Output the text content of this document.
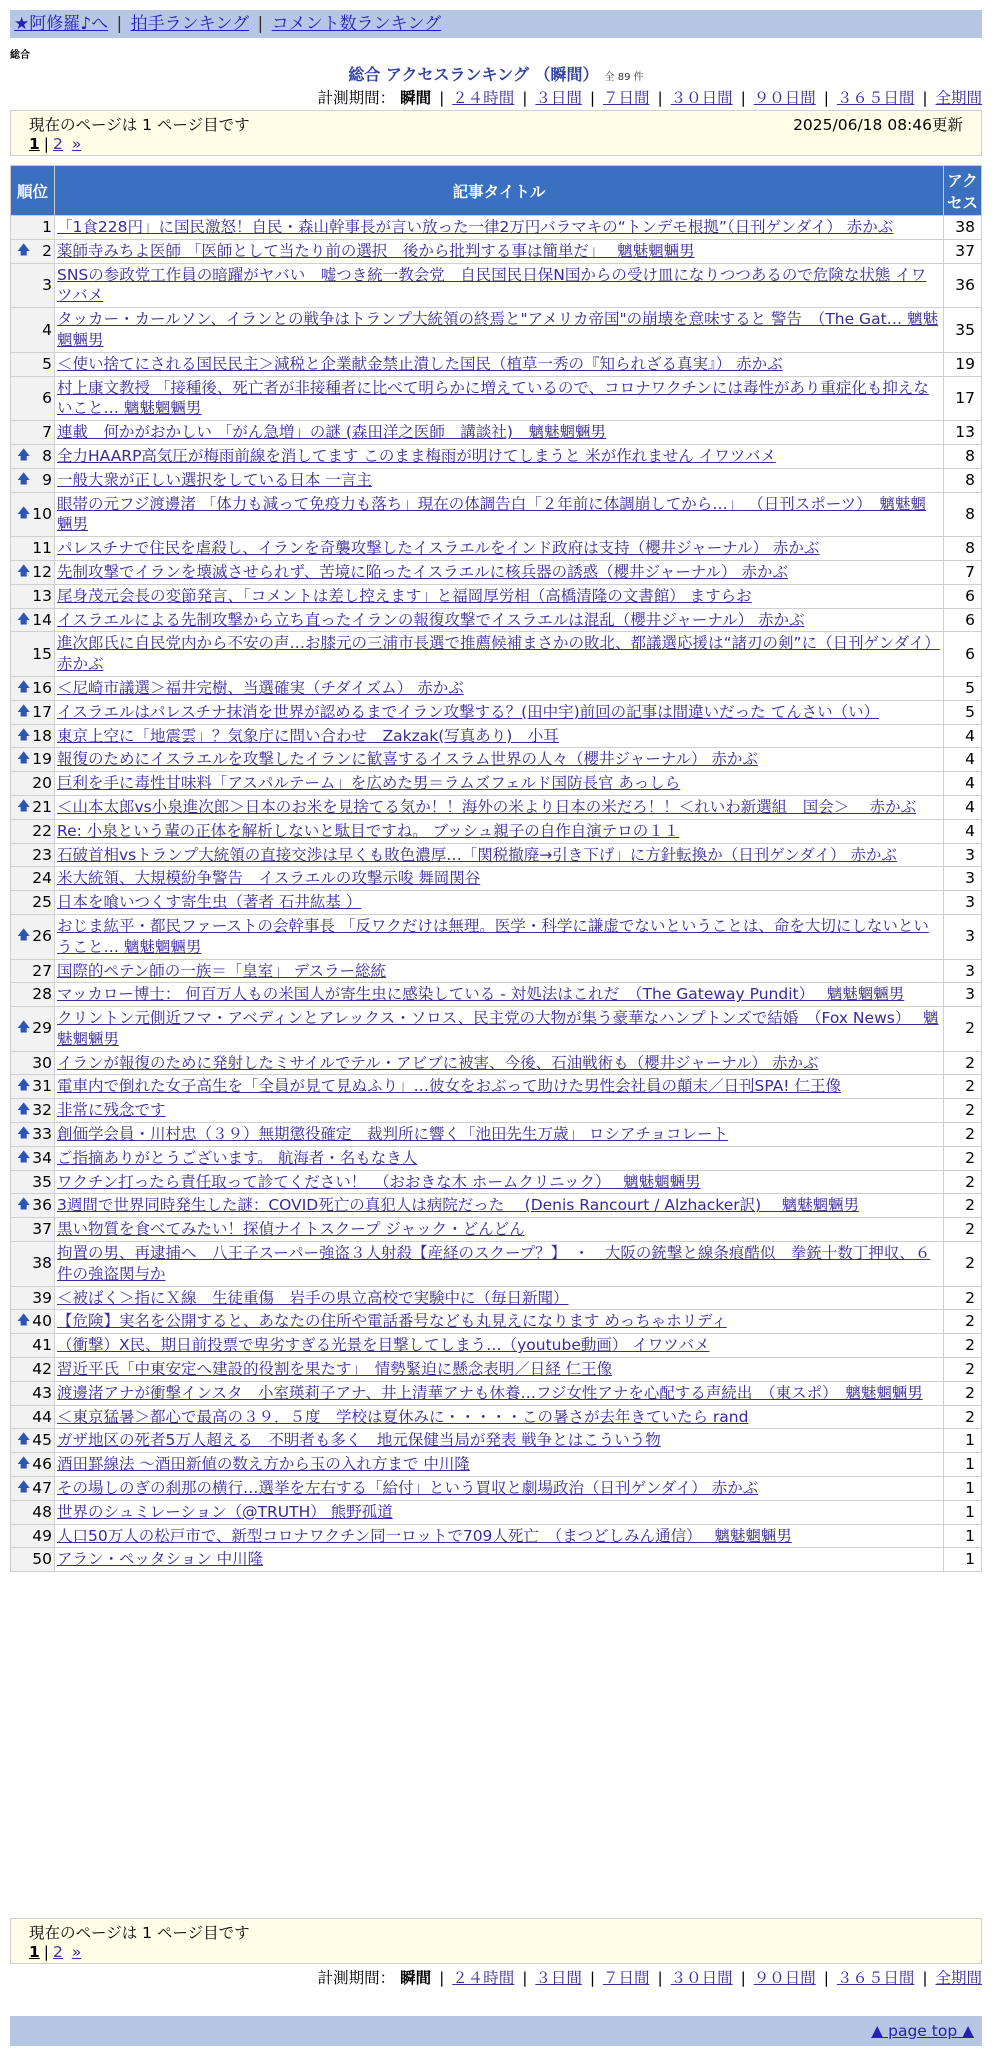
★阿修羅♪へ | 拍手ランキング | コメント数ランキング
総合
総合 アクセスランキング （瞬間） 全 89 件
計測期間： 瞬間 | ２４時間 | ３日間 | ７日間 | ３０日間 | ９０日間 | ３６５日間 | 全期間
現在のページは 1 ページ目です	2025/06/18 08:46更新
1 | 2 »
順位	記事タイトル	アクセス
1	「1食228円」に国民激怒！自民・森山幹事長が言い放った一律2万円バラマキの“トンデモ根拠”（日刊ゲンダイ） 赤かぶ	38

🡅 2	薬師寺みちよ医師 「医師として当たり前の選択　後から批判する事は簡単だ」　 魑魅魍魎男	37
3	SNSの参政党工作員の暗躍がヤバい　嘘つき統一教会党　自民国民日保N国からの受け皿になりつつあるので危険な状態 イワツバメ	36
4	タッカー・カールソン、イランとの戦争はトランプ大統領の終焉と"アメリカ帝国"の崩壊を意味すると 警告　（The Gat… 魑魅魍魎男	35
5	＜使い捨てにされる国民民主＞減税と企業献金禁止潰した国民（植草一秀の『知られざる真実』） 赤かぶ	19
6	村上康文教授 「接種後、死亡者が非接種者に比べて明らかに増えているので、コロナワクチンには毒性があり重症化も抑えないこと… 魑魅魍魎男	17
7	連載　何かがおかしい 「がん急増」の謎 (森田洋之医師　講談社)　魑魅魍魎男	13

🡅 8	全力HAARP高気圧が梅雨前線を消してます このまま梅雨が明けてしまうと 米が作れません イワツバメ	8

🡅 9	一般大衆が正しい選択をしている日本 一言主	8

🡅 10	眼帯の元フジ渡邊渚 「体力も減って免疫力も落ち」現在の体調告白「２年前に体調崩してから…」 （日刊スポーツ）　魑魅魍魎男	8
11	パレスチナで住民を虐殺し、イランを奇襲攻撃したイスラエルをインド政府は支持（櫻井ジャーナル） 赤かぶ	8

🡅 12	先制攻撃でイランを壊滅させられず、苦境に陥ったイスラエルに核兵器の誘惑（櫻井ジャーナル） 赤かぶ	7
13	尾身茂元会長の変節発言、「コメントは差し控えます」と福岡厚労相（高橋清隆の文書館） ますらお	6

🡅 14	イスラエルによる先制攻撃から立ち直ったイランの報復攻撃でイスラエルは混乱（櫻井ジャーナル） 赤かぶ	6
15	進次郎氏に自民党内から不安の声…お膝元の三浦市長選で推薦候補まさかの敗北、都議選応援は“諸刃の剣”に（日刊ゲンダイ） 赤かぶ	6

🡅 16	＜尼崎市議選＞福井完樹、当選確実（チダイズム） 赤かぶ	5

🡅 17	イスラエルはパレスチナ抹消を世界が認めるまでイラン攻撃する？(田中宇)前回の記事は間違いだった てんさい（い）	5

🡅 18	東京上空に「地震雲」？気象庁に問い合わせ　Zakzak(写真あり)　小耳	4

🡅 19	報復のためにイスラエルを攻撃したイランに歓喜するイスラム世界の人々（櫻井ジャーナル） 赤かぶ	4
20	巨利を手に毒性甘味料「アスパルテーム」を広めた男＝ラムズフェルド国防長官 あっしら	4

🡅 21	＜山本太郎vs小泉進次郎＞日本のお米を見捨てる気か！！海外の米より日本の米だろ！！＜れいわ新選組　国会＞　 赤かぶ	4
22	Re: 小泉という輩の正体を解析しないと駄目ですね。 ブッシュ親子の自作自演テロの１１	4
23	石破首相vsトランプ大統領の直接交渉は早くも敗色濃厚…「関税撤廃→引き下げ」に方針転換か（日刊ゲンダイ） 赤かぶ	3
24	米大統領、大規模紛争警告　イスラエルの攻撃示唆 舞岡関谷	3
25	日本を喰いつくす寄生虫（著者 石井紘基 ）	3

🡅 26	おじま紘平・都民ファーストの会幹事長 「反ワクだけは無理。医学・科学に謙虚でないということは、命を大切にしないということ… 魑魅魍魎男	3
27	国際的ペテン師の一族＝「皇室」 デスラー総統	3
28	マッカロー博士： 何百万人もの米国人が寄生虫に感染している - 対処法はこれだ　（The Gateway Pundit）　 魑魅魍魎男	3

🡅 29	クリントン元側近フマ・アベディンとアレックス・ソロス、民主党の大物が集う豪華なハンプトンズで結婚　（Fox News）　 魑魅魍魎男	2
30	イランが報復のために発射したミサイルでテル・アビブに被害、今後、石油戦術も（櫻井ジャーナル） 赤かぶ	2

🡅 31	電車内で倒れた女子高生を「全員が見て見ぬふり」…彼女をおぶって助けた男性会社員の顛末／日刊SPA! 仁王像	2

🡅 32	非常に残念です	2

🡅 33	創価学会員・川村忠（３９）無期懲役確定　裁判所に響く「池田先生万歳」 ロシアチョコレート	2

🡅 34	ご指摘ありがとうございます。 航海者・名もなき人	2
35	ワクチン打ったら責任取って診てください！　（おおきな木 ホームクリニック）　 魑魅魍魎男	2

🡅 36	3週間で世界同時発生した謎：COVID死亡の真犯人は病院だった　 (Denis Rancourt / Alzhacker訳)　 魑魅魍魎男	2
37	黒い物質を食べてみたい！探偵ナイトスクープ ジャック・どんどん	2
38	拘置の男、再逮捕へ　八王子スーパー強盗３人射殺【産経のスクープ？】　・　大阪の銃撃と線条痕酷似　拳銃十数丁押収、６件の強盗関与か	2
39	＜被ばく＞指にＸ線　生徒重傷　岩手の県立高校で実験中に（毎日新聞）	2

🡅 40	【危険】実名を公開すると、あなたの住所や電話番号なども丸見えになります めっちゃホリディ	2
41	（衝撃）X民、期日前投票で卑劣すぎる光景を目撃してしまう…（youtube動画） イワツバメ	2
42	習近平氏「中東安定へ建設的役割を果たす」　情勢緊迫に懸念表明／日経 仁王像	2
43	渡邊渚アナが衝撃インスタ　小室瑛莉子アナ、井上清華アナも休養…フジ女性アナを心配する声続出　（東スポ）　魑魅魍魎男	2
44	＜東京猛暑＞都心で最高の３９．５度　学校は夏休みに・・・・・この暑さが去年きていたら rand	2

🡅 45	ガザ地区の死者5万人超える　不明者も多く　地元保健当局が発表 戦争とはこういう物	1

🡅 46	酒田罫線法 〜酒田新値の数え方から玉の入れ方まで 中川隆	1

🡅 47	その場しのぎの刹那の横行…選挙を左右する「給付」という買収と劇場政治（日刊ゲンダイ） 赤かぶ	1
48	世界のシュミレーション（@TRUTH） 熊野孤道	1
49	人口50万人の松戸市で、新型コロナワクチン同一ロットで709人死亡　（まつどしみん通信）　 魑魅魍魎男	1
50	アラン・ペッタション 中川隆	1
現在のページは 1 ページ目です
1 | 2 »
計測期間： 瞬間 | ２４時間 | ３日間 | ７日間 | ３０日間 | ９０日間 | ３６５日間 | 全期間
▲ page top ▲
